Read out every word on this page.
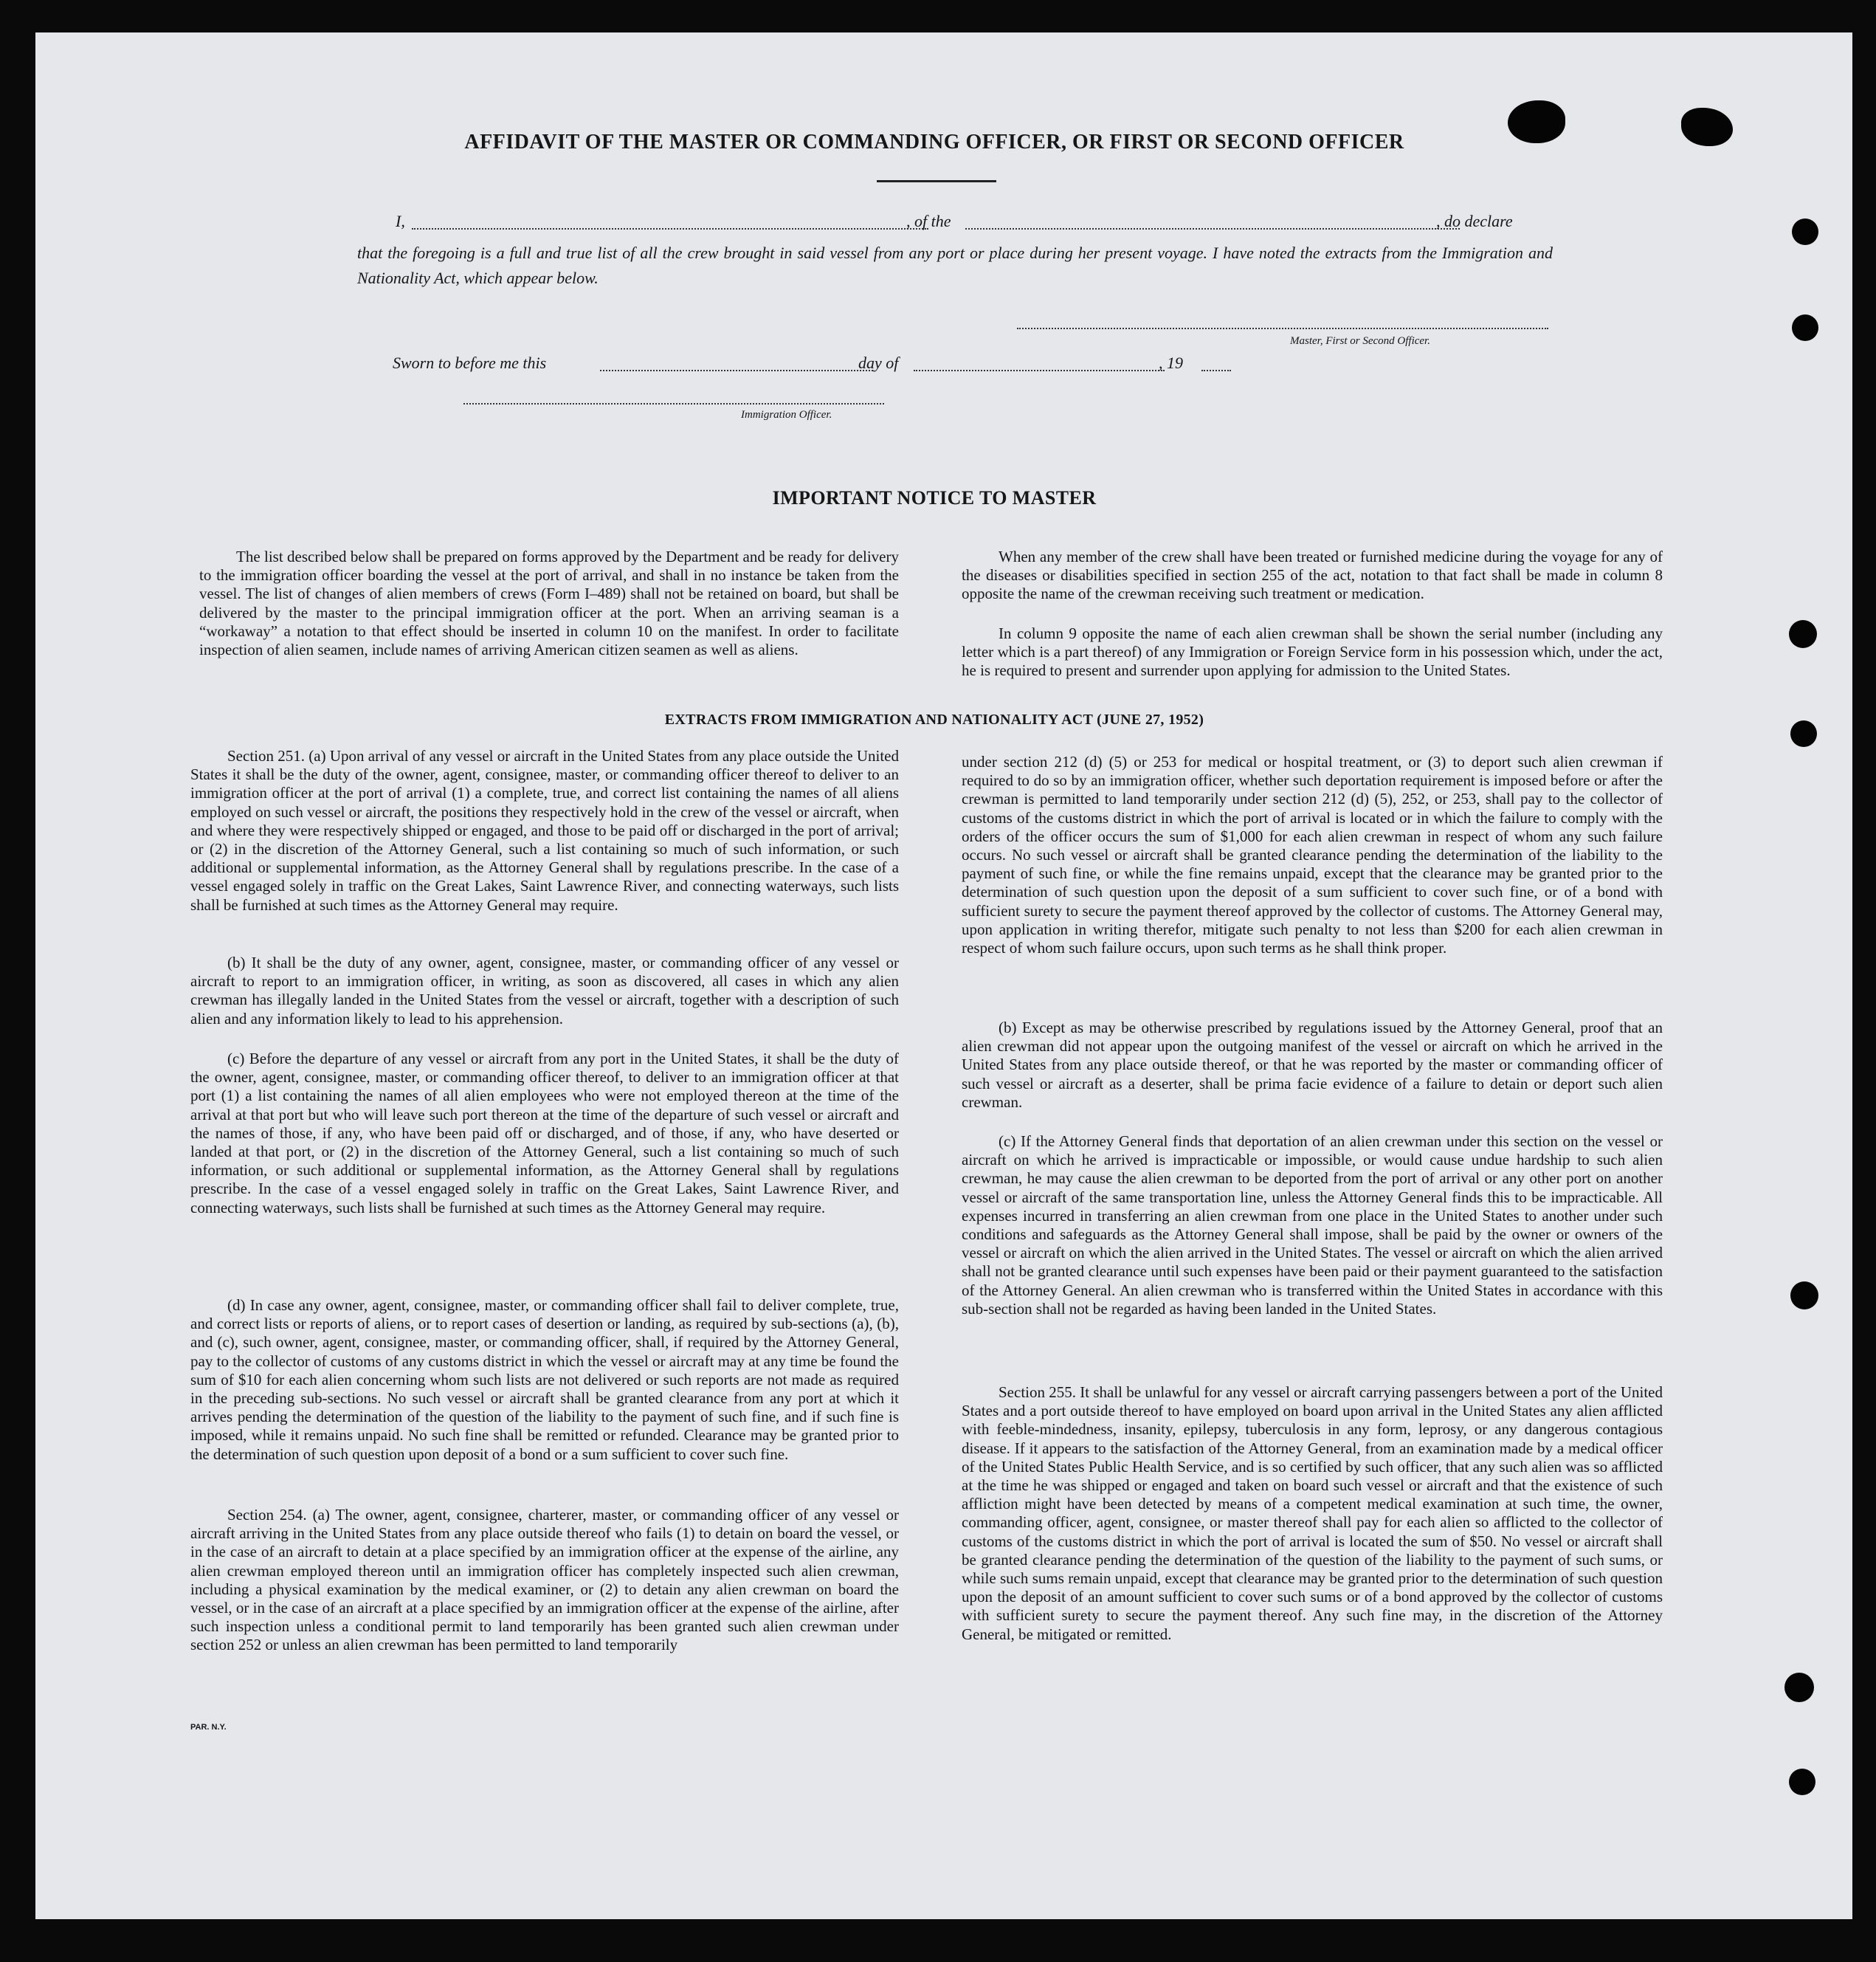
AFFIDAVIT OF THE MASTER OR COMMANDING OFFICER, OR FIRST OR SECOND OFFICER
I,	, of the	, do declare
that the foregoing is a full and true list of all the crew brought in said vessel from any port or place during her present voyage. I have noted the extracts from the Immigration and Nationality Act, which appear below.
Master, First or Second Officer.
Sworn to before me this	day of	, 19
Immigration Officer.
IMPORTANT NOTICE TO MASTER
The list described below shall be prepared on forms approved by the Department and be ready for delivery to the immigration officer boarding the vessel at the port of arrival, and shall in no instance be taken from the vessel. The list of changes of alien members of crews (Form I–489) shall not be retained on board, but shall be delivered by the master to the principal immigration officer at the port. When an arriving seaman is a “workaway” a notation to that effect should be inserted in column 10 on the manifest. In order to facilitate inspection of alien seamen, include names of arriving American citizen seamen as well as aliens.
When any member of the crew shall have been treated or furnished medicine during the voyage for any of the diseases or disabilities specified in section 255 of the act, notation to that fact shall be made in column 8 opposite the name of the crewman receiving such treatment or medication.
In column 9 opposite the name of each alien crewman shall be shown the serial number (including any letter which is a part thereof) of any Immigration or Foreign Service form in his possession which, under the act, he is required to present and surrender upon applying for admission to the United States.
EXTRACTS FROM IMMIGRATION AND NATIONALITY ACT (JUNE 27, 1952)
Section 251. (a) Upon arrival of any vessel or aircraft in the United States from any place outside the United States it shall be the duty of the owner, agent, consignee, master, or commanding officer thereof to deliver to an immigration officer at the port of arrival (1) a complete, true, and correct list containing the names of all aliens employed on such vessel or aircraft, the positions they respectively hold in the crew of the vessel or aircraft, when and where they were respectively shipped or engaged, and those to be paid off or discharged in the port of arrival; or (2) in the discretion of the Attorney General, such a list containing so much of such information, or such additional or supplemental information, as the Attorney General shall by regulations prescribe. In the case of a vessel engaged solely in traffic on the Great Lakes, Saint Lawrence River, and connecting waterways, such lists shall be furnished at such times as the Attorney General may require.
(b) It shall be the duty of any owner, agent, consignee, master, or commanding officer of any vessel or aircraft to report to an immigration officer, in writing, as soon as discovered, all cases in which any alien crewman has illegally landed in the United States from the vessel or aircraft, together with a description of such alien and any information likely to lead to his apprehension.
(c) Before the departure of any vessel or aircraft from any port in the United States, it shall be the duty of the owner, agent, consignee, master, or commanding officer thereof, to deliver to an immigration officer at that port (1) a list containing the names of all alien employees who were not employed thereon at the time of the arrival at that port but who will leave such port thereon at the time of the departure of such vessel or aircraft and the names of those, if any, who have been paid off or discharged, and of those, if any, who have deserted or landed at that port, or (2) in the discretion of the Attorney General, such a list containing so much of such information, or such additional or supplemental information, as the Attorney General shall by regulations prescribe. In the case of a vessel engaged solely in traffic on the Great Lakes, Saint Lawrence River, and connecting waterways, such lists shall be furnished at such times as the Attorney General may require.
(d) In case any owner, agent, consignee, master, or commanding officer shall fail to deliver complete, true, and correct lists or reports of aliens, or to report cases of desertion or landing, as required by sub-sections (a), (b), and (c), such owner, agent, consignee, master, or commanding officer, shall, if required by the Attorney General, pay to the collector of customs of any customs district in which the vessel or aircraft may at any time be found the sum of $10 for each alien concerning whom such lists are not delivered or such reports are not made as required in the preceding sub-sections. No such vessel or aircraft shall be granted clearance from any port at which it arrives pending the determination of the question of the liability to the payment of such fine, and if such fine is imposed, while it remains unpaid. No such fine shall be remitted or refunded. Clearance may be granted prior to the determination of such question upon deposit of a bond or a sum sufficient to cover such fine.
Section 254. (a) The owner, agent, consignee, charterer, master, or commanding officer of any vessel or aircraft arriving in the United States from any place outside thereof who fails (1) to detain on board the vessel, or in the case of an aircraft to detain at a place specified by an immigration officer at the expense of the airline, any alien crewman employed thereon until an immigration officer has completely inspected such alien crewman, including a physical examination by the medical examiner, or (2) to detain any alien crewman on board the vessel, or in the case of an aircraft at a place specified by an immigration officer at the expense of the airline, after such inspection unless a conditional permit to land temporarily has been granted such alien crewman under section 252 or unless an alien crewman has been permitted to land temporarily
under section 212 (d) (5) or 253 for medical or hospital treatment, or (3) to deport such alien crewman if required to do so by an immigration officer, whether such deportation requirement is imposed before or after the crewman is permitted to land temporarily under section 212 (d) (5), 252, or 253, shall pay to the collector of customs of the customs district in which the port of arrival is located or in which the failure to comply with the orders of the officer occurs the sum of $1,000 for each alien crewman in respect of whom any such failure occurs. No such vessel or aircraft shall be granted clearance pending the determination of the liability to the payment of such fine, or while the fine remains unpaid, except that the clearance may be granted prior to the determination of such question upon the deposit of a sum sufficient to cover such fine, or of a bond with sufficient surety to secure the payment thereof approved by the collector of customs. The Attorney General may, upon application in writing therefor, mitigate such penalty to not less than $200 for each alien crewman in respect of whom such failure occurs, upon such terms as he shall think proper.
(b) Except as may be otherwise prescribed by regulations issued by the Attorney General, proof that an alien crewman did not appear upon the outgoing manifest of the vessel or aircraft on which he arrived in the United States from any place outside thereof, or that he was reported by the master or commanding officer of such vessel or aircraft as a deserter, shall be prima facie evidence of a failure to detain or deport such alien crewman.
(c) If the Attorney General finds that deportation of an alien crewman under this section on the vessel or aircraft on which he arrived is impracticable or impossible, or would cause undue hardship to such alien crewman, he may cause the alien crewman to be deported from the port of arrival or any other port on another vessel or aircraft of the same transportation line, unless the Attorney General finds this to be impracticable. All expenses incurred in transferring an alien crewman from one place in the United States to another under such conditions and safeguards as the Attorney General shall impose, shall be paid by the owner or owners of the vessel or aircraft on which the alien arrived in the United States. The vessel or aircraft on which the alien arrived shall not be granted clearance until such expenses have been paid or their payment guaranteed to the satisfaction of the Attorney General. An alien crewman who is transferred within the United States in accordance with this sub-section shall not be regarded as having been landed in the United States.
Section 255. It shall be unlawful for any vessel or aircraft carrying passengers between a port of the United States and a port outside thereof to have employed on board upon arrival in the United States any alien afflicted with feeble-mindedness, insanity, epilepsy, tuberculosis in any form, leprosy, or any dangerous contagious disease. If it appears to the satisfaction of the Attorney General, from an examination made by a medical officer of the United States Public Health Service, and is so certified by such officer, that any such alien was so afflicted at the time he was shipped or engaged and taken on board such vessel or aircraft and that the existence of such affliction might have been detected by means of a competent medical examination at such time, the owner, commanding officer, agent, consignee, or master thereof shall pay for each alien so afflicted to the collector of customs of the customs district in which the port of arrival is located the sum of $50. No vessel or aircraft shall be granted clearance pending the determination of the question of the liability to the payment of such sums, or while such sums remain unpaid, except that clearance may be granted prior to the determination of such question upon the deposit of an amount sufficient to cover such sums or of a bond approved by the collector of customs with sufficient surety to secure the payment thereof. Any such fine may, in the discretion of the Attorney General, be mitigated or remitted.
PAR. N.Y.
